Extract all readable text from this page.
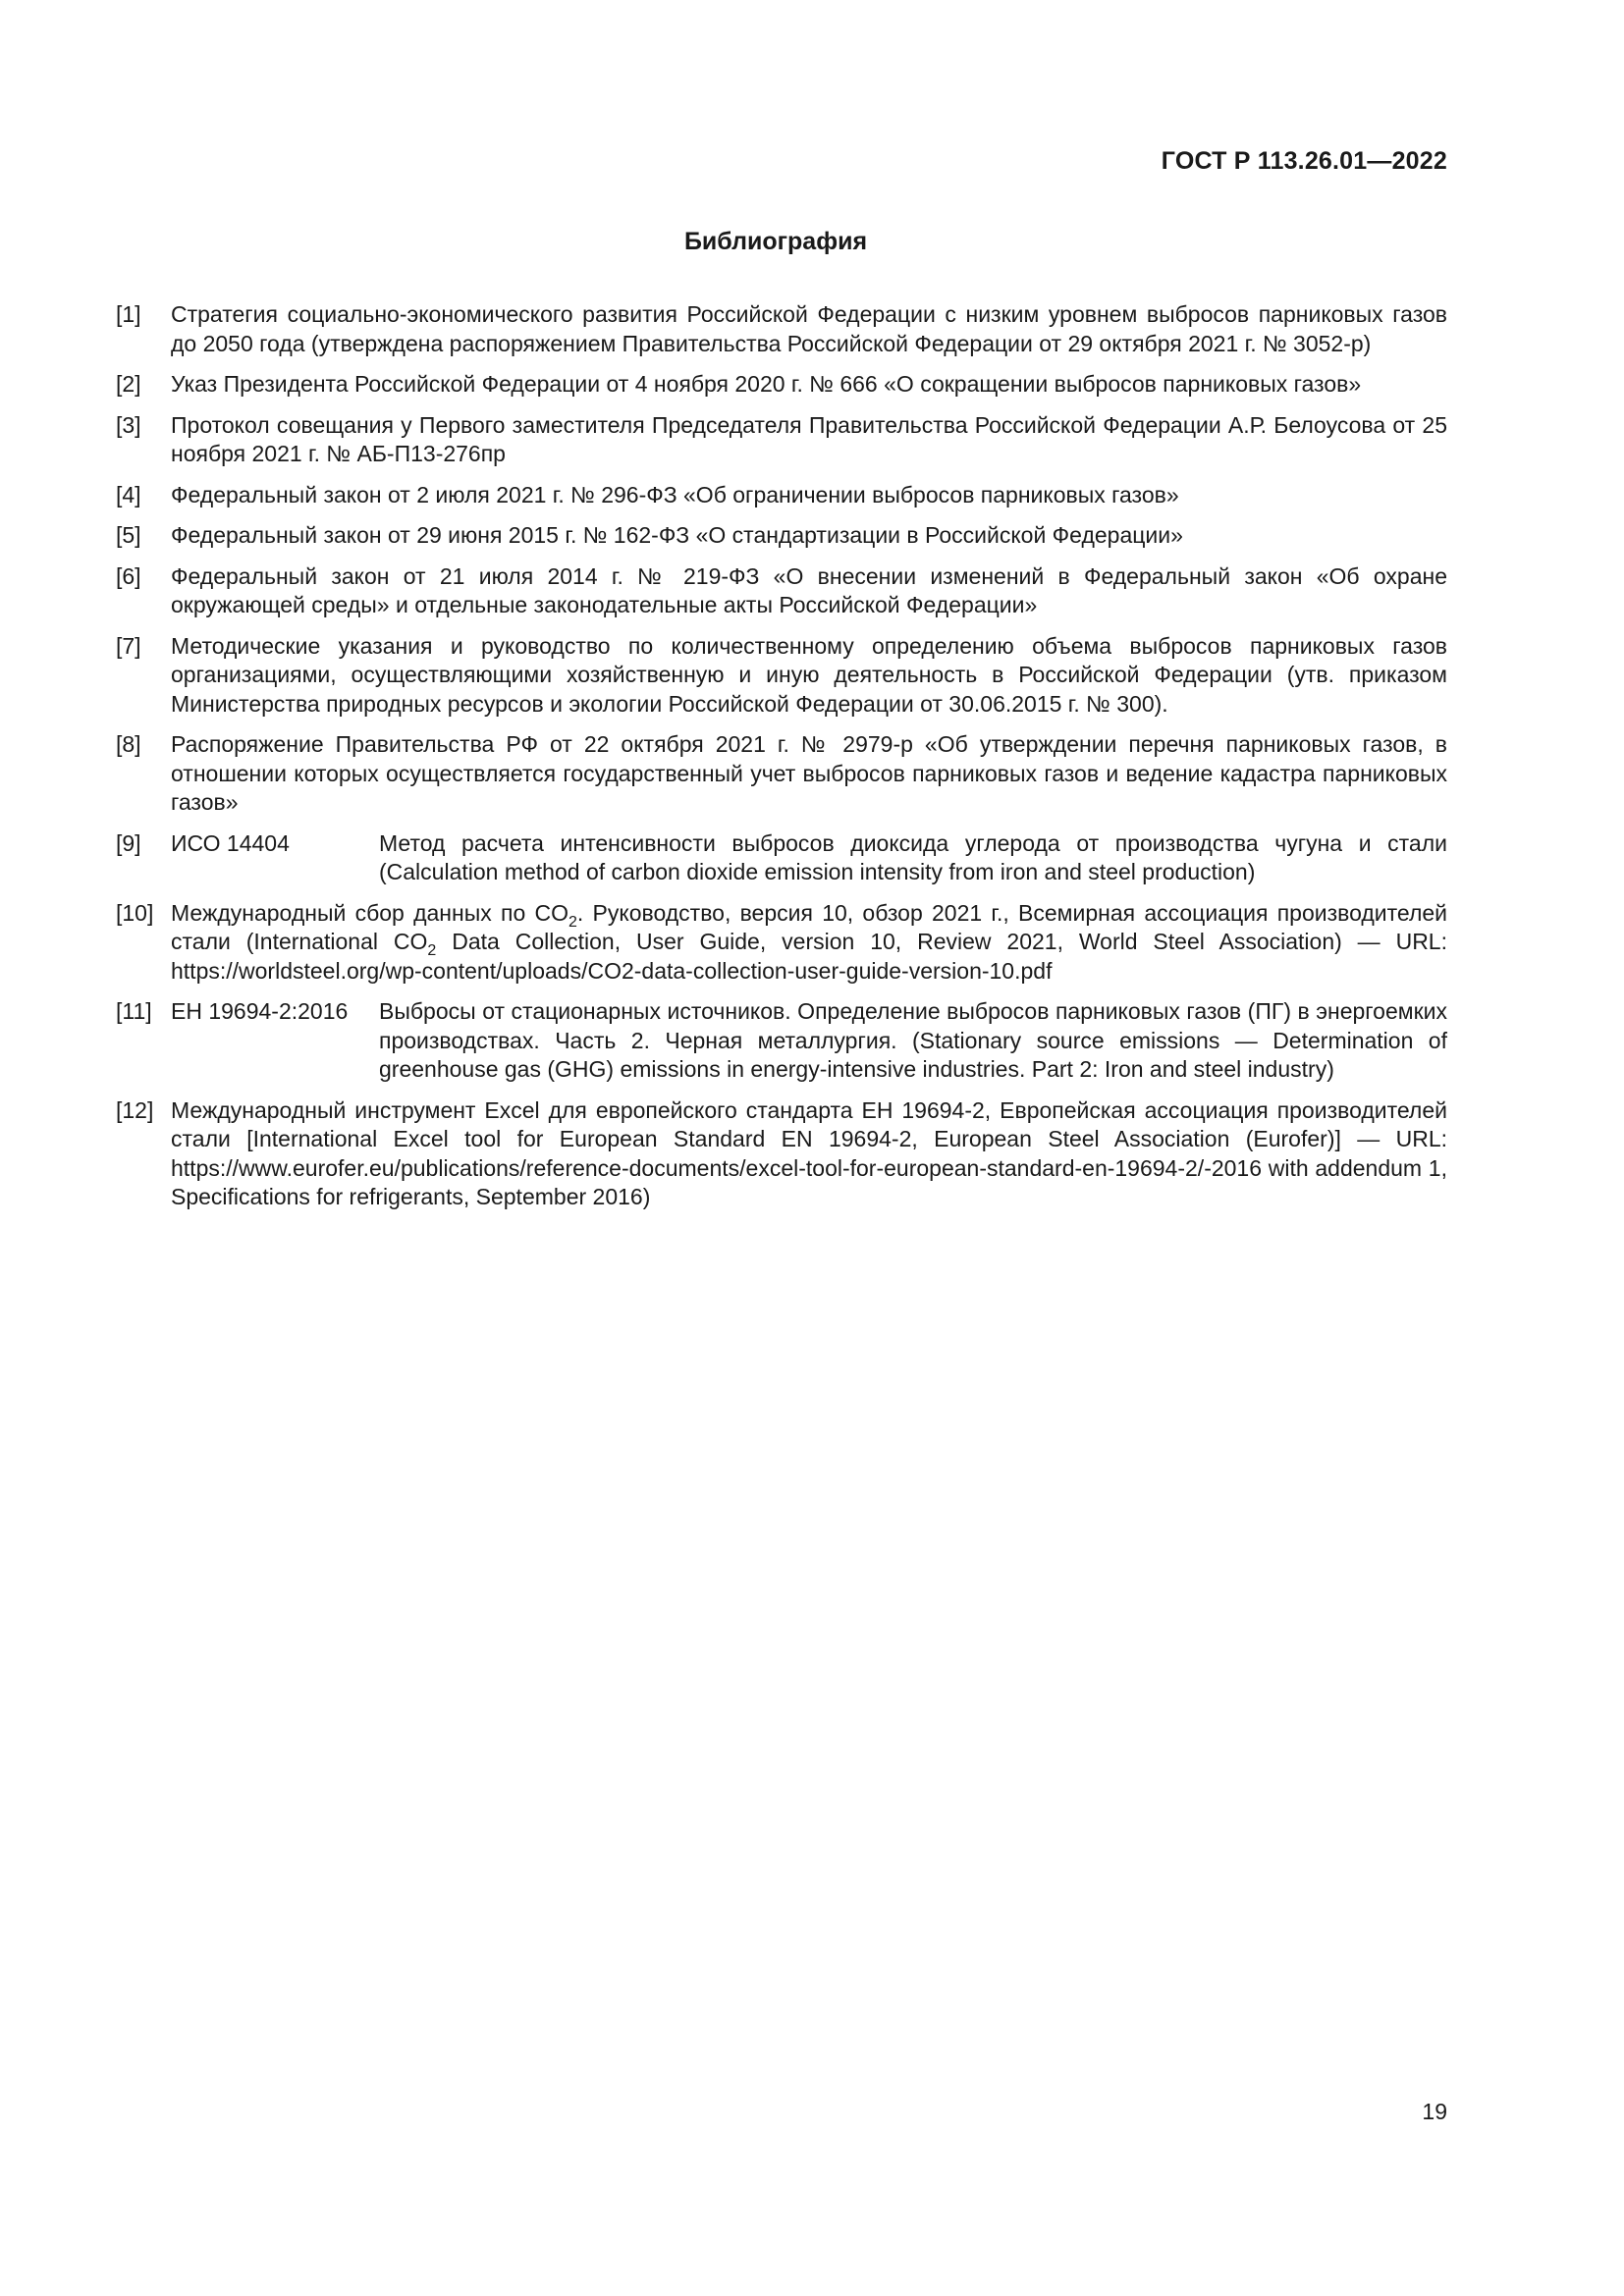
ГОСТ Р 113.26.01—2022
Библиография
[1]	Стратегия социально-экономического развития Российской Федерации с низким уровнем выбросов парниковых газов до 2050 года (утверждена распоряжением Правительства Российской Федерации от 29 октября 2021 г. № 3052-р)
[2]	Указ Президента Российской Федерации от 4 ноября 2020 г. № 666 «О сокращении выбросов парниковых газов»
[3]	Протокол совещания у Первого заместителя Председателя Правительства Российской Федерации А.Р. Белоусова от 25 ноября 2021 г. № АБ-П13-276пр
[4]	Федеральный закон от 2 июля 2021 г. № 296-ФЗ «Об ограничении выбросов парниковых газов»
[5]	Федеральный закон от 29 июня 2015 г. № 162-ФЗ «О стандартизации в Российской Федерации»
[6]	Федеральный закон от 21 июля 2014 г. № 219-ФЗ «О внесении изменений в Федеральный закон «Об охране окружающей среды» и отдельные законодательные акты Российской Федерации»
[7]	Методические указания и руководство по количественному определению объема выбросов парниковых газов организациями, осуществляющими хозяйственную и иную деятельность в Российской Федерации (утв. приказом Министерства природных ресурсов и экологии Российской Федерации от 30.06.2015 г. № 300).
[8]	Распоряжение Правительства РФ от 22 октября 2021 г. № 2979-р «Об утверждении перечня парниковых газов, в отношении которых осуществляется государственный учет выбросов парниковых газов и ведение кадастра парниковых газов»
[9]	ИСО 14404	Метод расчета интенсивности выбросов диоксида углерода от производства чугуна и стали (Calculation method of carbon dioxide emission intensity from iron and steel production)
[10] Международный сбор данных по $CO_2$. Руководство, версия 10, обзор 2021 г., Всемирная ассоциация производителей стали (International $CO_2$ Data Collection, User Guide, version 10, Review 2021, World Steel Association) — URL: https://worldsteel.org/wp-content/uploads/CO2-data-collection-user-guide-version-10.pdf
[11] ЕН 19694-2:2016	Выбросы от стационарных источников. Определение выбросов парниковых газов (ПГ) в энергоемких производствах. Часть 2. Черная металлургия. (Stationary source emissions — Determination of greenhouse gas (GHG) emissions in energy-intensive industries. Part 2: Iron and steel industry)
[12] Международный инструмент Excel для европейского стандарта ЕН 19694-2, Европейская ассоциация производителей стали [International Excel tool for European Standard EN 19694-2, European Steel Association (Eurofer)] — URL: https://www.eurofer.eu/publications/reference-documents/excel-tool-for-european-standard-en-19694-2/-2016 with addendum 1, Specifications for refrigerants, September 2016)
19
